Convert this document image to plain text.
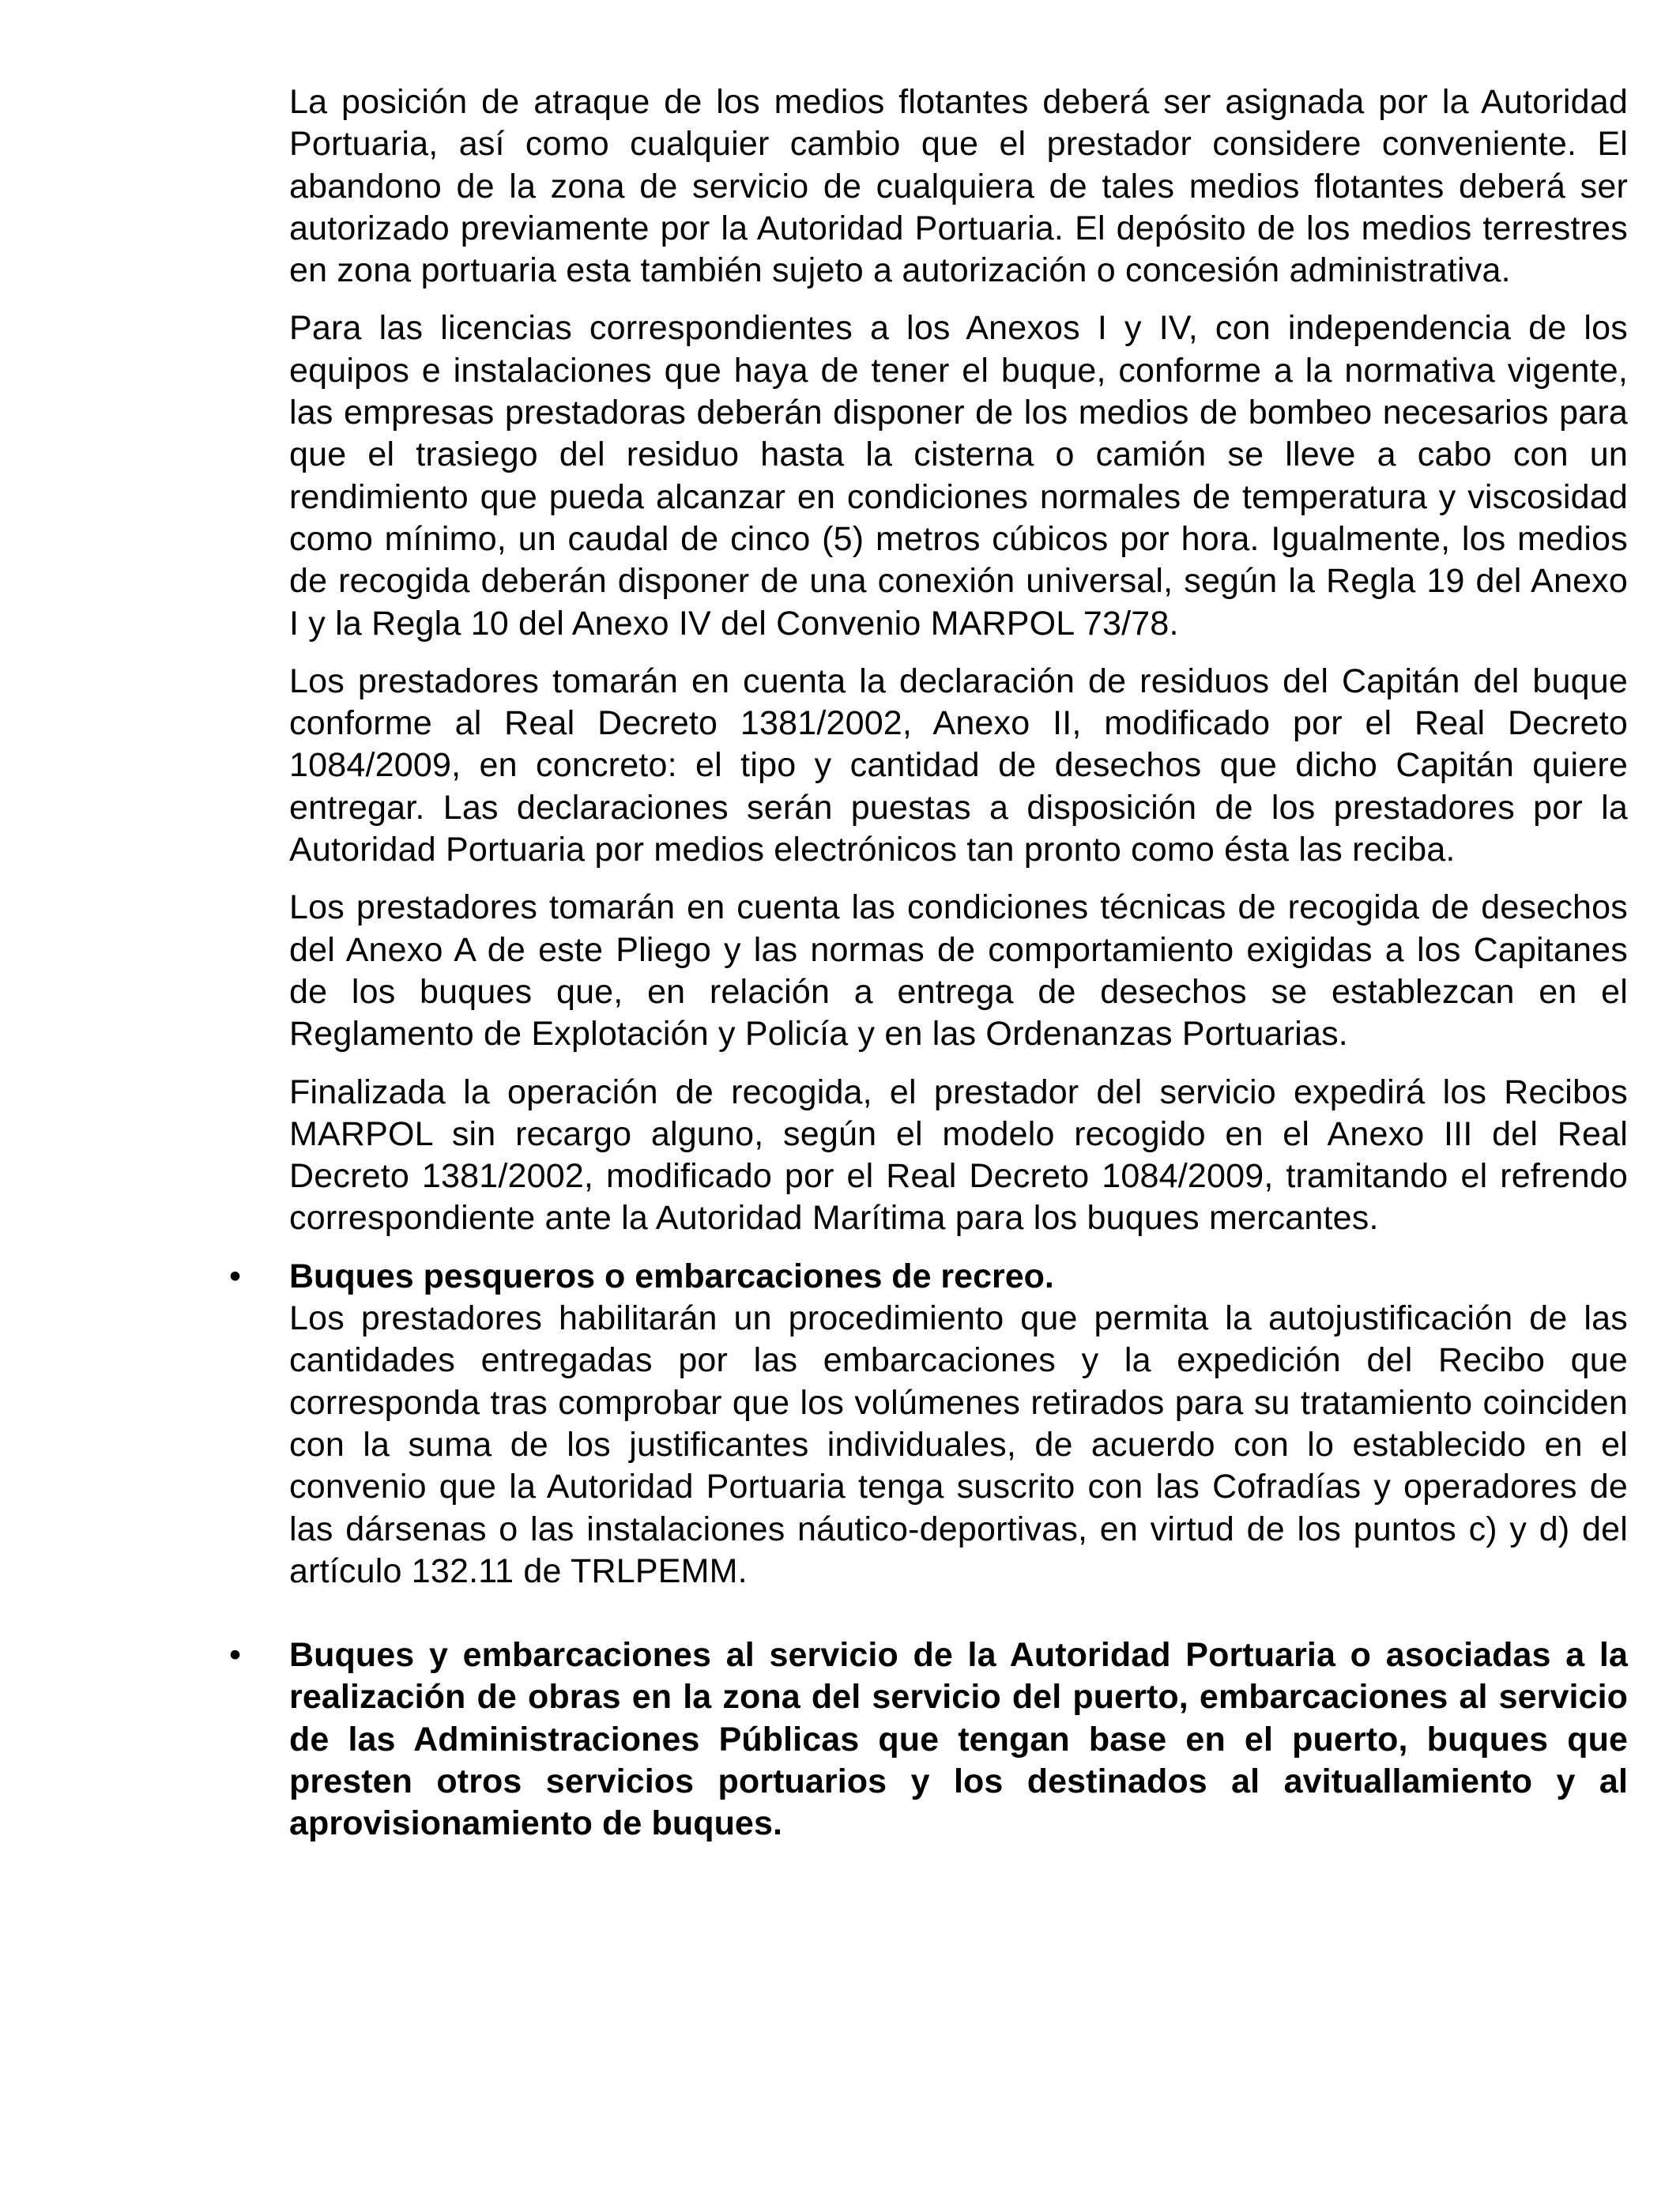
La posición de atraque de los medios flotantes deberá ser asignada por la Autoridad Portuaria, así como cualquier cambio que el prestador considere conveniente. El abandono de la zona de servicio de cualquiera de tales medios flotantes deberá ser autorizado previamente por la Autoridad Portuaria. El depósito de los medios terrestres en zona portuaria esta también sujeto a autorización o concesión administrativa.

Para las licencias correspondientes a los Anexos I y IV, con independencia de los equipos e instalaciones que haya de tener el buque, conforme a la normativa vigente, las empresas prestadoras deberán disponer de los medios de bombeo necesarios para que el trasiego del residuo hasta la cisterna o camión se lleve a cabo con un rendimiento que pueda alcanzar en condiciones normales de temperatura y viscosidad como mínimo, un caudal de cinco (5) metros cúbicos por hora. Igualmente, los medios de recogida deberán disponer de una conexión universal, según la Regla 19 del Anexo I y la Regla 10 del Anexo IV del Convenio MARPOL 73/78.

Los prestadores tomarán en cuenta la declaración de residuos del Capitán del buque conforme al Real Decreto 1381/2002, Anexo II, modificado por el Real Decreto 1084/2009, en concreto: el tipo y cantidad de desechos que dicho Capitán quiere entregar. Las declaraciones serán puestas a disposición de los prestadores por la Autoridad Portuaria por medios electrónicos tan pronto como ésta las reciba.

Los prestadores tomarán en cuenta las condiciones técnicas de recogida de desechos del Anexo A de este Pliego y las normas de comportamiento exigidas a los Capitanes de los buques que, en relación a entrega de desechos se establezcan en el Reglamento de Explotación y Policía y en las Ordenanzas Portuarias.

Finalizada la operación de recogida, el prestador del servicio expedirá los Recibos MARPOL sin recargo alguno, según el modelo recogido en el Anexo III del Real Decreto 1381/2002, modificado por el Real Decreto 1084/2009, tramitando el refrendo correspondiente ante la Autoridad Marítima para los buques mercantes.

• Buques pesqueros o embarcaciones de recreo.

Los prestadores habilitarán un procedimiento que permita la autojustificación de las cantidades entregadas por las embarcaciones y la expedición del Recibo que corresponda tras comprobar que los volúmenes retirados para su tratamiento coinciden con la suma de los justificantes individuales, de acuerdo con lo establecido en el convenio que la Autoridad Portuaria tenga suscrito con las Cofradías y operadores de las dársenas o las instalaciones náutico-deportivas, en virtud de los puntos c) y d) del artículo 132.11 de TRLPEMM.

• Buques y embarcaciones al servicio de la Autoridad Portuaria o asociadas a la realización de obras en la zona del servicio del puerto, embarcaciones al servicio de las Administraciones Públicas que tengan base en el puerto, buques que presten otros servicios portuarios y los destinados al avituallamiento y al aprovisionamiento de buques.
